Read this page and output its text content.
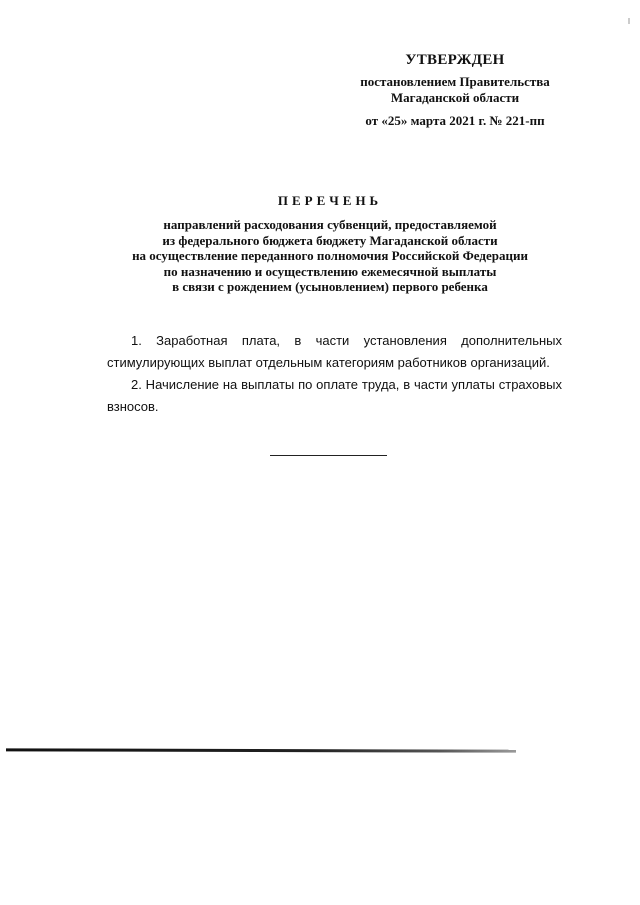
УТВЕРЖДЕН
постановлением Правительства
Магаданской области
от «25» марта 2021 г. № 221-пп
ПЕРЕЧЕНЬ
направлений расходования субвенций, предоставляемой
из федерального бюджета бюджету Магаданской области
на осуществление переданного полномочия Российской Федерации
по назначению и осуществлению ежемесячной выплаты
в связи с рождением (усыновлением) первого ребенка

1. Заработная плата, в части установления дополнительных стимулирующих выплат отдельным категориям работников организаций.

2. Начисление на выплаты по оплате труда, в части уплаты страховых взносов.
